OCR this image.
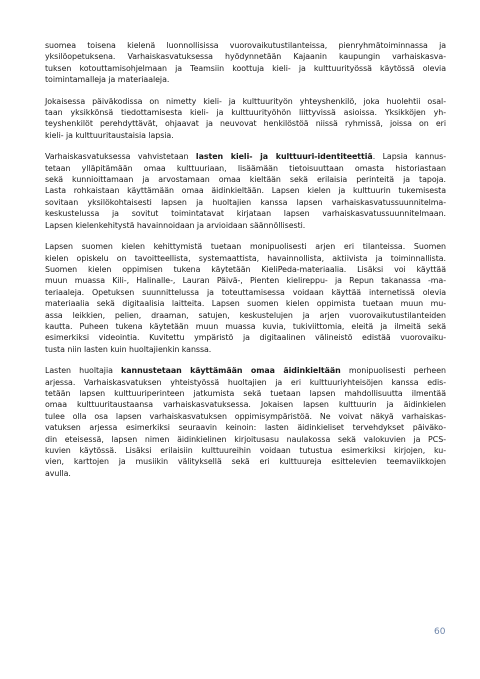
suomea toisena kielenä luonnollisissa vuorovaikutustilanteissa, pienryhmätoiminnassa ja
yksilöopetuksena. Varhaiskasvatuksessa hyödynnetään Kajaanin kaupungin varhaiskasva-
tuksen kotouttamisohjelmaan ja Teamsiin koottuja kieli- ja kulttuurityössä käytössä olevia
toimintamalleja ja materiaaleja.

Jokaisessa päiväkodissa on nimetty kieli- ja kulttuurityön yhteyshenkilö, joka huolehtii osal-
taan yksikkönsä tiedottamisesta kieli- ja kulttuurityöhön liittyvissä asioissa. Yksikköjen yh-
teyshenkilöt perehdyttävät, ohjaavat ja neuvovat henkilöstöä niissä ryhmissä, joissa on eri
kieli- ja kulttuuritaustaisia lapsia.

Varhaiskasvatuksessa vahvistetaan lasten kieli- ja kulttuuri-identiteettiä. Lapsia kannus-
tetaan ylläpitämään omaa kulttuuriaan, lisäämään tietoisuuttaan omasta historiastaan
sekä kunnioittamaan ja arvostamaan omaa kieltään sekä erilaisia perinteitä ja tapoja.
Lasta rohkaistaan käyttämään omaa äidinkieltään. Lapsen kielen ja kulttuurin tukemisesta
sovitaan yksilökohtaisesti lapsen ja huoltajien kanssa lapsen varhaiskasvatussuunnitelma-
keskustelussa ja sovitut toimintatavat kirjataan lapsen varhaiskasvatussuunnitelmaan.
Lapsen kielenkehitystä havainnoidaan ja arvioidaan säännöllisesti.

Lapsen suomen kielen kehittymistä tuetaan monipuolisesti arjen eri tilanteissa. Suomen
kielen opiskelu on tavoitteellista, systemaattista, havainnollista, aktiivista ja toiminnallista.
Suomen kielen oppimisen tukena käytetään KieliPeda-materiaalia. Lisäksi voi käyttää
muun muassa Kili-, Halinalle-, Lauran Päivä-, Pienten kielireppu- ja Repun takanassa -ma-
teriaaleja. Opetuksen suunnittelussa ja toteuttamisessa voidaan käyttää internetissä olevia
materiaalia sekä digitaalisia laitteita. Lapsen suomen kielen oppimista tuetaan muun mu-
assa leikkien, pelien, draaman, satujen, keskustelujen ja arjen vuorovaikutustilanteiden
kautta. Puheen tukena käytetään muun muassa kuvia, tukiviittomia, eleitä ja ilmeitä sekä
esimerkiksi videointia. Kuvitettu ympäristö ja digitaalinen välineistö edistää vuorovaiku-
tusta niin lasten kuin huoltajienkin kanssa.

Lasten huoltajia kannustetaan käyttämään omaa äidinkieltään monipuolisesti perheen
arjessa. Varhaiskasvatuksen yhteistyössä huoltajien ja eri kulttuuriyhteisöjen kanssa edis-
tetään lapsen kulttuuriperinteen jatkumista sekä tuetaan lapsen mahdollisuutta ilmentää
omaa kulttuuritaustaansa varhaiskasvatuksessa. Jokaisen lapsen kulttuurin ja äidinkielen
tulee olla osa lapsen varhaiskasvatuksen oppimisympäristöä. Ne voivat näkyä varhaiskas-
vatuksen arjessa esimerkiksi seuraavin keinoin: lasten äidinkieliset tervehdykset päiväko-
din eteisessä, lapsen nimen äidinkielinen kirjoitusasu naulakossa sekä valokuvien ja PCS-
kuvien käytössä. Lisäksi erilaisiin kulttuureihin voidaan tutustua esimerkiksi kirjojen, ku-
vien, karttojen ja musiikin välityksellä sekä eri kulttuureja esittelevien teemaviikkojen
avulla.

60
